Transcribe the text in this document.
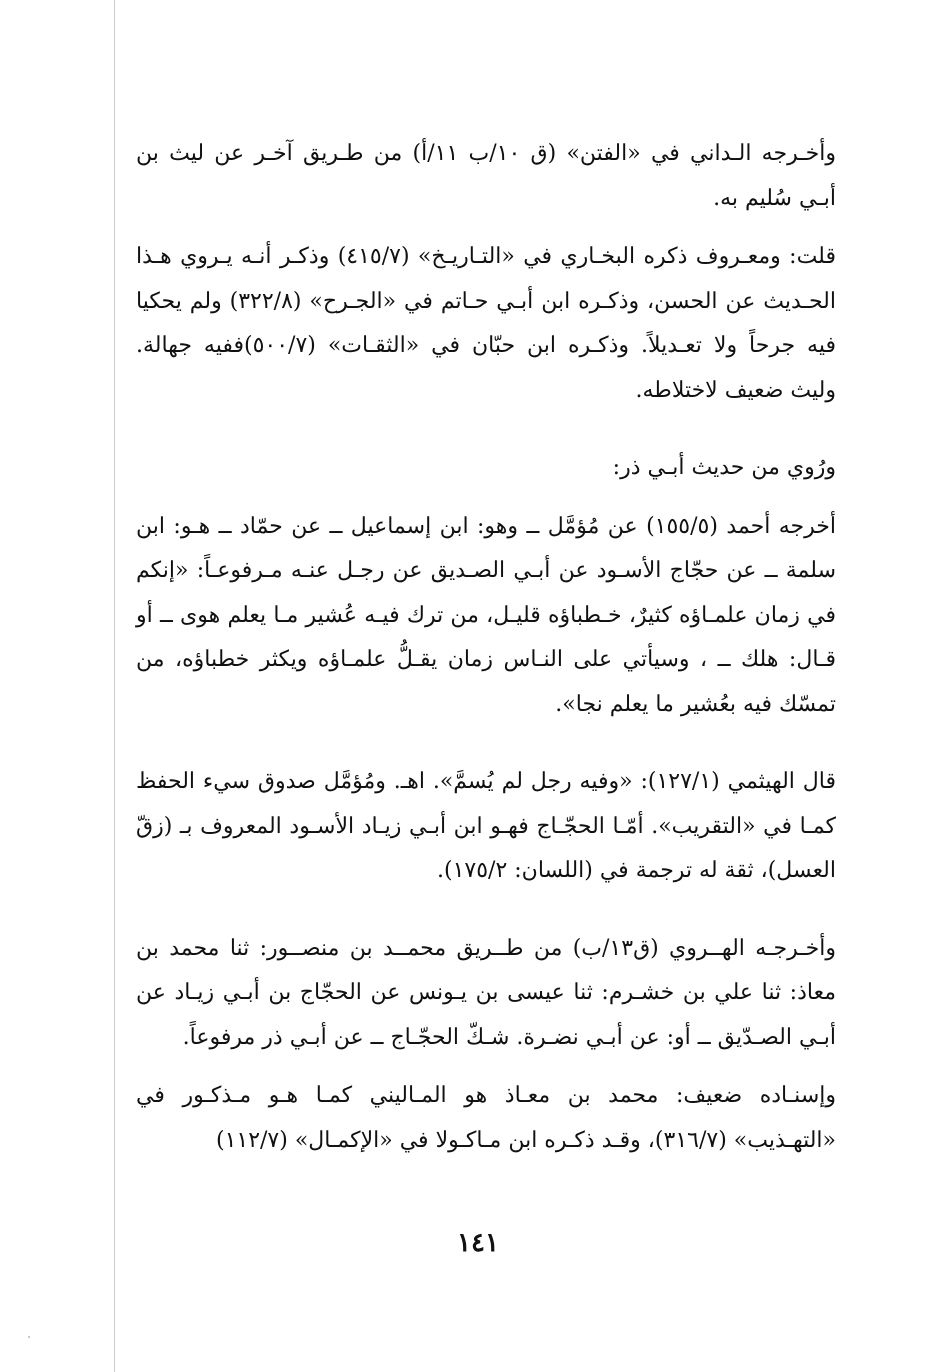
وأخـرجه الـداني في «الفتن» (ق ١٠/ب ١١/أ) من طـريق آخـر عن ليث بن أبـي سُليم به.

قلت: ومعـروف ذكره البخـاري في «التـاريـخ» (٤١٥/٧) وذكـر أنـه يـروي هـذا الحـديث عن الحسن، وذكـره ابن أبـي حـاتم في «الجـرح» (٣٢٢/٨) ولم يحكيا فيه جرحاً ولا تعـديلاً. وذكـره ابن حبّان في «الثقـات» (٥٠٠/٧)ففيه جهالة. وليث ضعيف لاختلاطه.

ورُوي من حديث أبـي ذر:

أخرجه أحمد (١٥٥/٥) عن مُؤمَّل ــ وهو: ابن إسماعيل ــ عن حمّاد ــ هـو: ابن سلمة ــ عن حجّاج الأسـود عن أبـي الصـديق عن رجـل عنـه مـرفوعـاً: «إنكم في زمان علمـاؤه كثيرٌ، خـطباؤه قليـل، من ترك فيـه عُشير مـا يعلم هوى ــ أو قـال: هلك ــ ، وسيأتي على النـاس زمان يقـلُّ علمـاؤه ويكثر خطباؤه، من تمسّك فيه بعُشير ما يعلم نجا».

قال الهيثمي (١٢٧/١): «وفيه رجل لم يُسمَّ». اهـ. ومُؤمَّل صدوق سيء الحفظ كمـا في «التقريب». أمّـا الحجّـاج فهـو ابن أبـي زيـاد الأسـود المعروف بـ (زقّ العسل)، ثقة له ترجمة في (اللسان: ١٧٥/٢).

وأخـرجـه الهــروي (ق١٣/ب) من طــريق محمــد بن منصــور: ثنا محمد بن معاذ: ثنا علي بن خشـرم: ثنا عيسى بن يـونس عن الحجّاج بن أبـي زيـاد عن أبـي الصـدّيق ــ أو: عن أبـي نضـرة. شـكّ الحجّـاج ــ عن أبـي ذر مرفوعاً.

وإسنـاده ضعيف: محمد بن معـاذ هو المـاليني كمـا هـو مـذكـور في «التهـذيب» (٣١٦/٧)، وقـد ذكـره ابن مـاكـولا في «الإكمـال» (١١٢/٧)

١٤١
